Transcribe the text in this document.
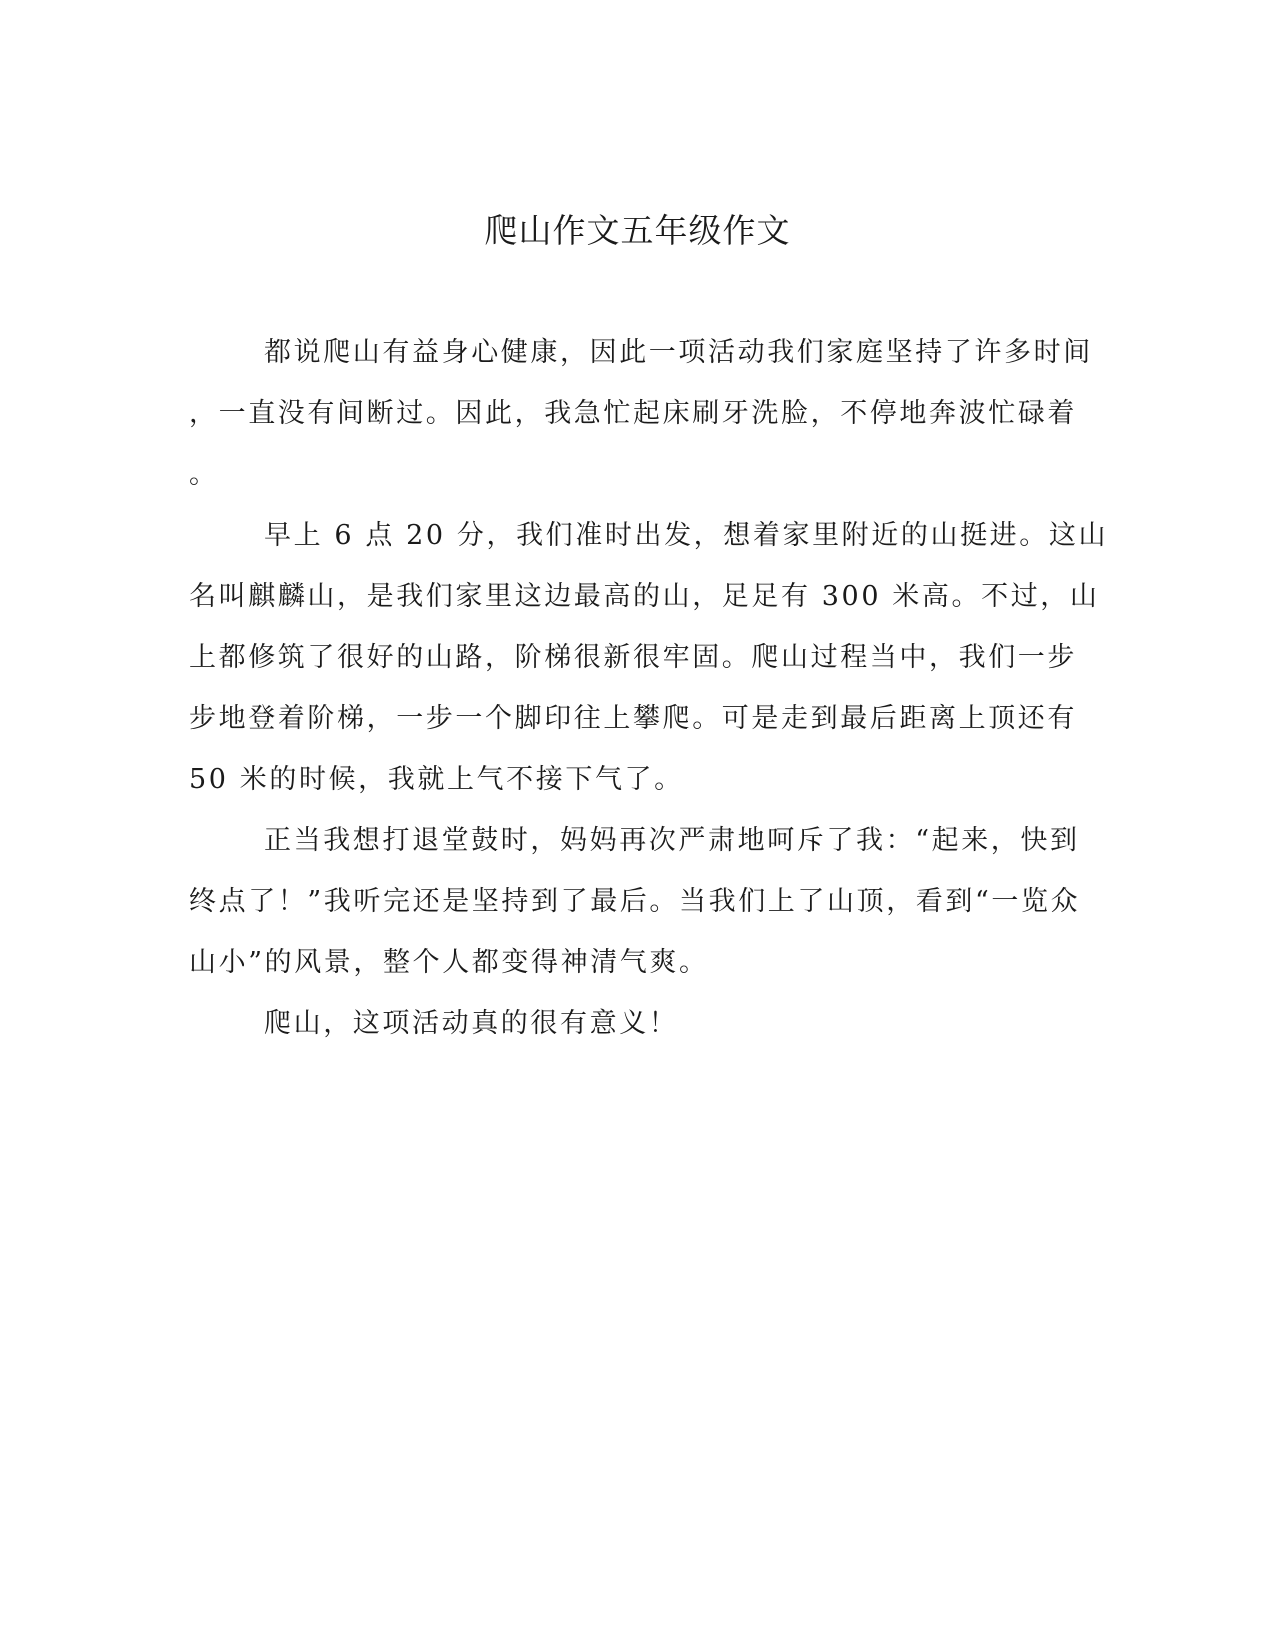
爬山作文五年级作文
都说爬山有益身心健康，因此一项活动我们家庭坚持了许多时间
，一直没有间断过。因此，我急忙起床刷牙洗脸，不停地奔波忙碌着
。
早上 6 点 20 分，我们准时出发，想着家里附近的山挺进。这山
名叫麒麟山，是我们家里这边最高的山，足足有 300 米高。不过，山
上都修筑了很好的山路，阶梯很新很牢固。爬山过程当中，我们一步
步地登着阶梯，一步一个脚印往上攀爬。可是走到最后距离上顶还有
50 米的时候，我就上气不接下气了。
正当我想打退堂鼓时，妈妈再次严肃地呵斥了我：“起来，快到
终点了！”我听完还是坚持到了最后。当我们上了山顶，看到“一览众
山小”的风景，整个人都变得神清气爽。
爬山，这项活动真的很有意义！
